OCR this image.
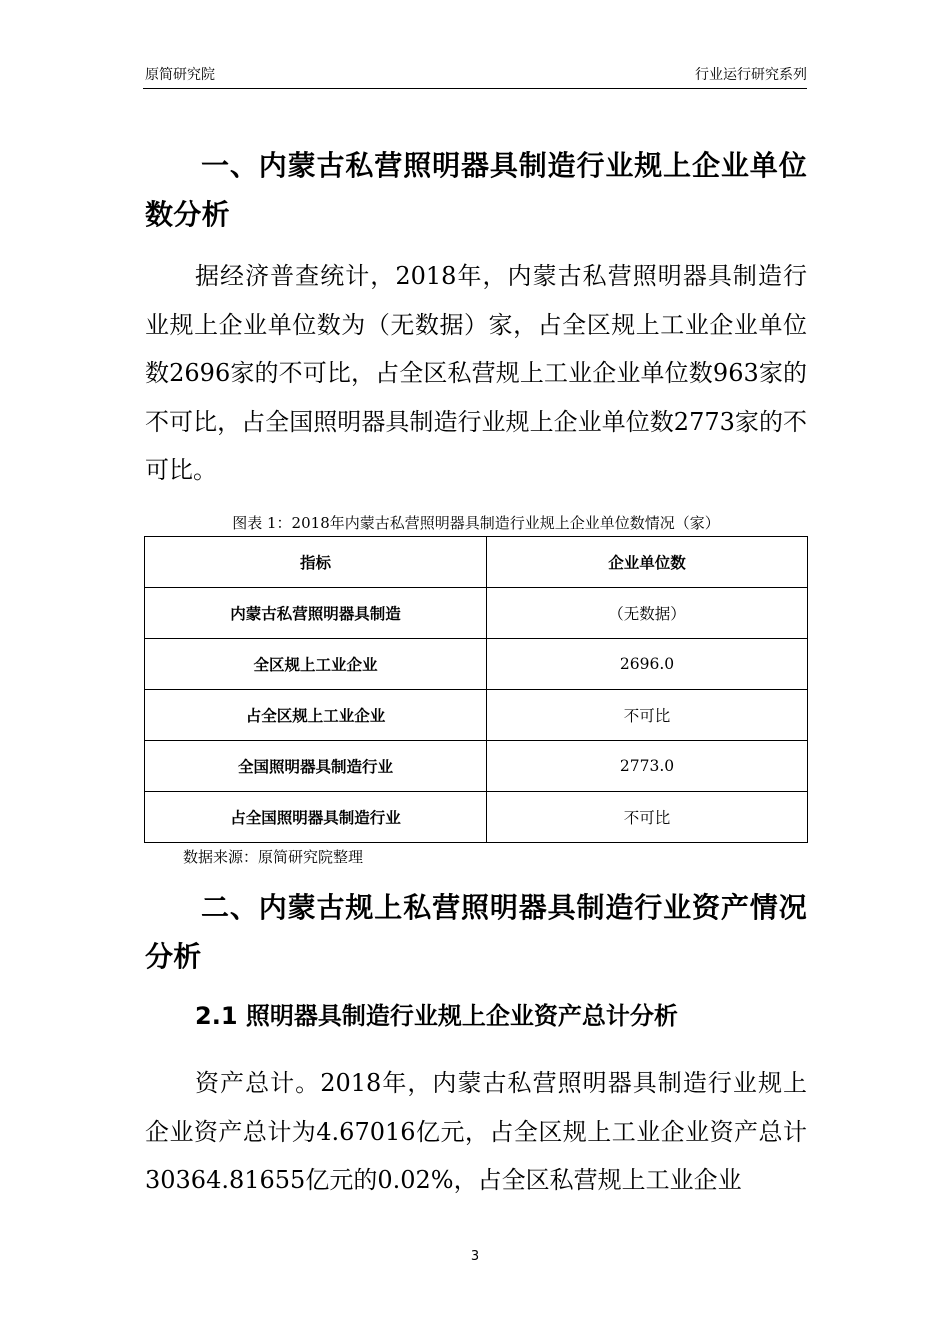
原简研究院	行业运行研究系列
一、内蒙古私营照明器具制造行业规上企业单位数分析

据经济普查统计，2018年，内蒙古私营照明器具制造行业规上企业单位数为（无数据）家，占全区规上工业企业单位数2696家的不可比，占全区私营规上工业企业单位数963家的不可比，占全国照明器具制造行业规上企业单位数2773家的不可比。

图表 1：2018年内蒙古私营照明器具制造行业规上企业单位数情况（家）
指标	企业单位数
内蒙古私营照明器具制造	（无数据）
全区规上工业企业	2696.0
占全区规上工业企业	不可比
全国照明器具制造行业	2773.0
占全国照明器具制造行业	不可比
数据来源：原简研究院整理
二、内蒙古规上私营照明器具制造行业资产情况分析
2.1 照明器具制造行业规上企业资产总计分析

资产总计。2018年，内蒙古私营照明器具制造行业规上企业资产总计为4.67016亿元，占全区规上工业企业资产总计30364.81655亿元的0.02%，占全区私营规上工业企业

3
